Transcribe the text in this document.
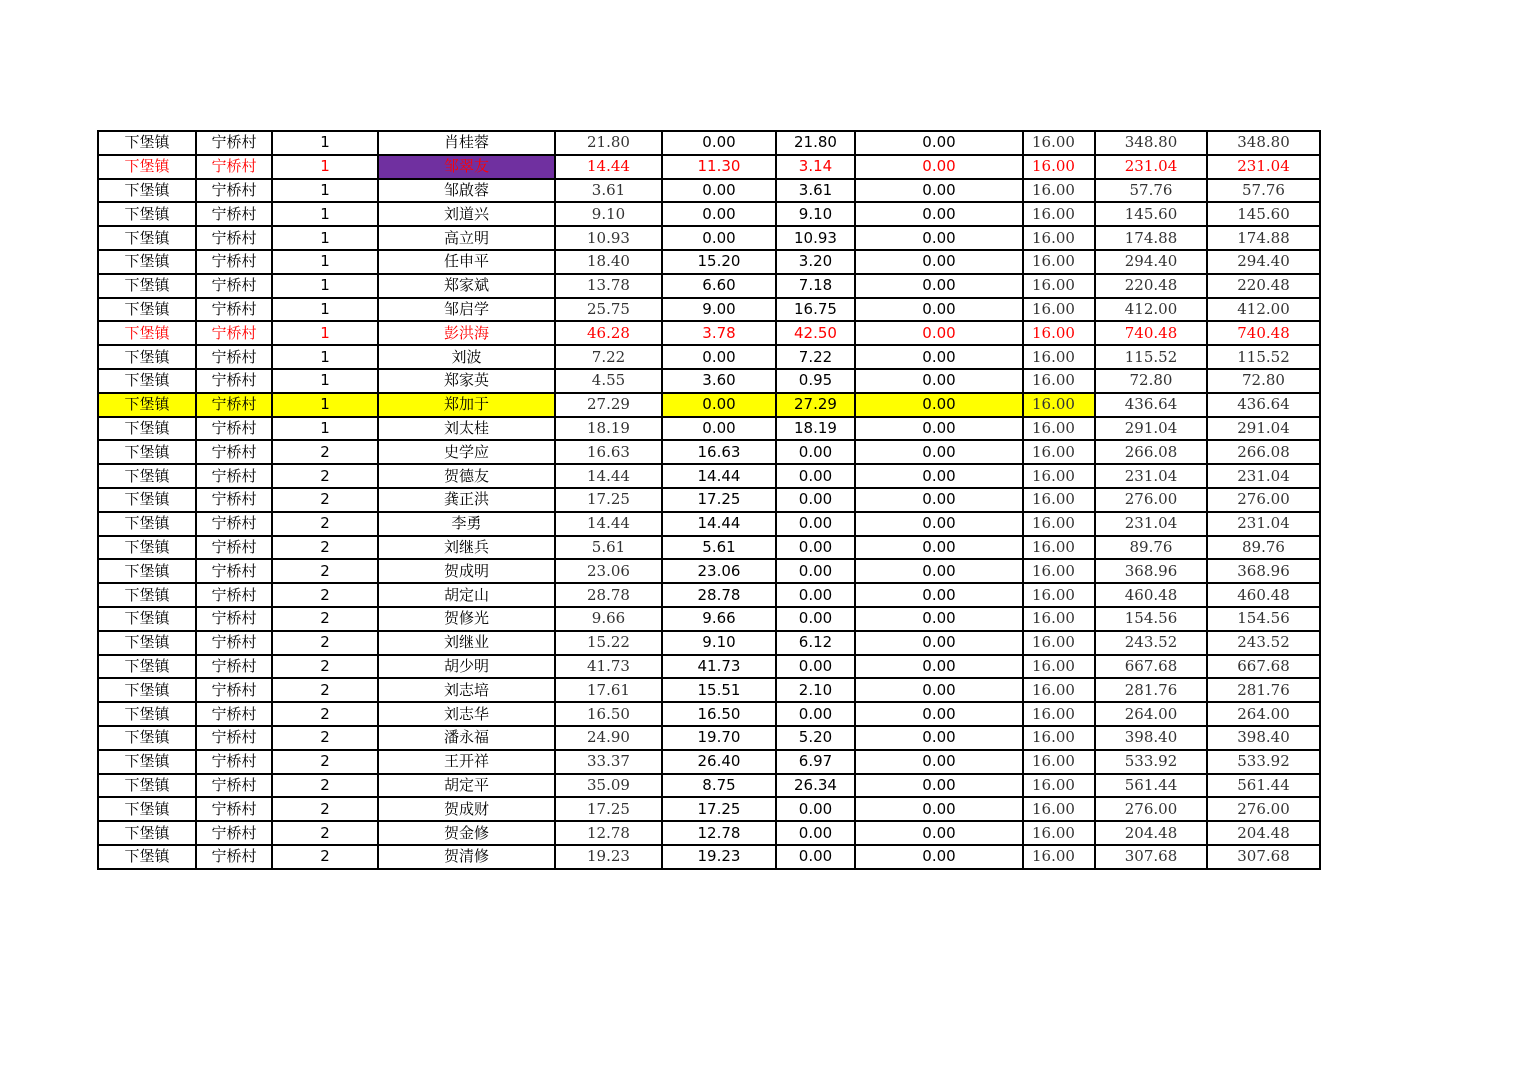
下堡镇	宁桥村	1	肖桂蓉	21.80	0.00	21.80	0.00	16.00	348.80	348.80
下堡镇	宁桥村	1	邹翠友	14.44	11.30	3.14	0.00	16.00	231.04	231.04
下堡镇	宁桥村	1	邹啟蓉	3.61	0.00	3.61	0.00	16.00	57.76	57.76
下堡镇	宁桥村	1	刘道兴	9.10	0.00	9.10	0.00	16.00	145.60	145.60
下堡镇	宁桥村	1	高立明	10.93	0.00	10.93	0.00	16.00	174.88	174.88
下堡镇	宁桥村	1	任申平	18.40	15.20	3.20	0.00	16.00	294.40	294.40
下堡镇	宁桥村	1	郑家斌	13.78	6.60	7.18	0.00	16.00	220.48	220.48
下堡镇	宁桥村	1	邹启学	25.75	9.00	16.75	0.00	16.00	412.00	412.00
下堡镇	宁桥村	1	彭洪海	46.28	3.78	42.50	0.00	16.00	740.48	740.48
下堡镇	宁桥村	1	刘波	7.22	0.00	7.22	0.00	16.00	115.52	115.52
下堡镇	宁桥村	1	郑家英	4.55	3.60	0.95	0.00	16.00	72.80	72.80
下堡镇	宁桥村	1	郑加于	27.29	0.00	27.29	0.00	16.00	436.64	436.64
下堡镇	宁桥村	1	刘太桂	18.19	0.00	18.19	0.00	16.00	291.04	291.04
下堡镇	宁桥村	2	史学应	16.63	16.63	0.00	0.00	16.00	266.08	266.08
下堡镇	宁桥村	2	贺德友	14.44	14.44	0.00	0.00	16.00	231.04	231.04
下堡镇	宁桥村	2	龚正洪	17.25	17.25	0.00	0.00	16.00	276.00	276.00
下堡镇	宁桥村	2	李勇	14.44	14.44	0.00	0.00	16.00	231.04	231.04
下堡镇	宁桥村	2	刘继兵	5.61	5.61	0.00	0.00	16.00	89.76	89.76
下堡镇	宁桥村	2	贺成明	23.06	23.06	0.00	0.00	16.00	368.96	368.96
下堡镇	宁桥村	2	胡定山	28.78	28.78	0.00	0.00	16.00	460.48	460.48
下堡镇	宁桥村	2	贺修光	9.66	9.66	0.00	0.00	16.00	154.56	154.56
下堡镇	宁桥村	2	刘继业	15.22	9.10	6.12	0.00	16.00	243.52	243.52
下堡镇	宁桥村	2	胡少明	41.73	41.73	0.00	0.00	16.00	667.68	667.68
下堡镇	宁桥村	2	刘志培	17.61	15.51	2.10	0.00	16.00	281.76	281.76
下堡镇	宁桥村	2	刘志华	16.50	16.50	0.00	0.00	16.00	264.00	264.00
下堡镇	宁桥村	2	潘永福	24.90	19.70	5.20	0.00	16.00	398.40	398.40
下堡镇	宁桥村	2	王开祥	33.37	26.40	6.97	0.00	16.00	533.92	533.92
下堡镇	宁桥村	2	胡定平	35.09	8.75	26.34	0.00	16.00	561.44	561.44
下堡镇	宁桥村	2	贺成财	17.25	17.25	0.00	0.00	16.00	276.00	276.00
下堡镇	宁桥村	2	贺金修	12.78	12.78	0.00	0.00	16.00	204.48	204.48
下堡镇	宁桥村	2	贺清修	19.23	19.23	0.00	0.00	16.00	307.68	307.68
